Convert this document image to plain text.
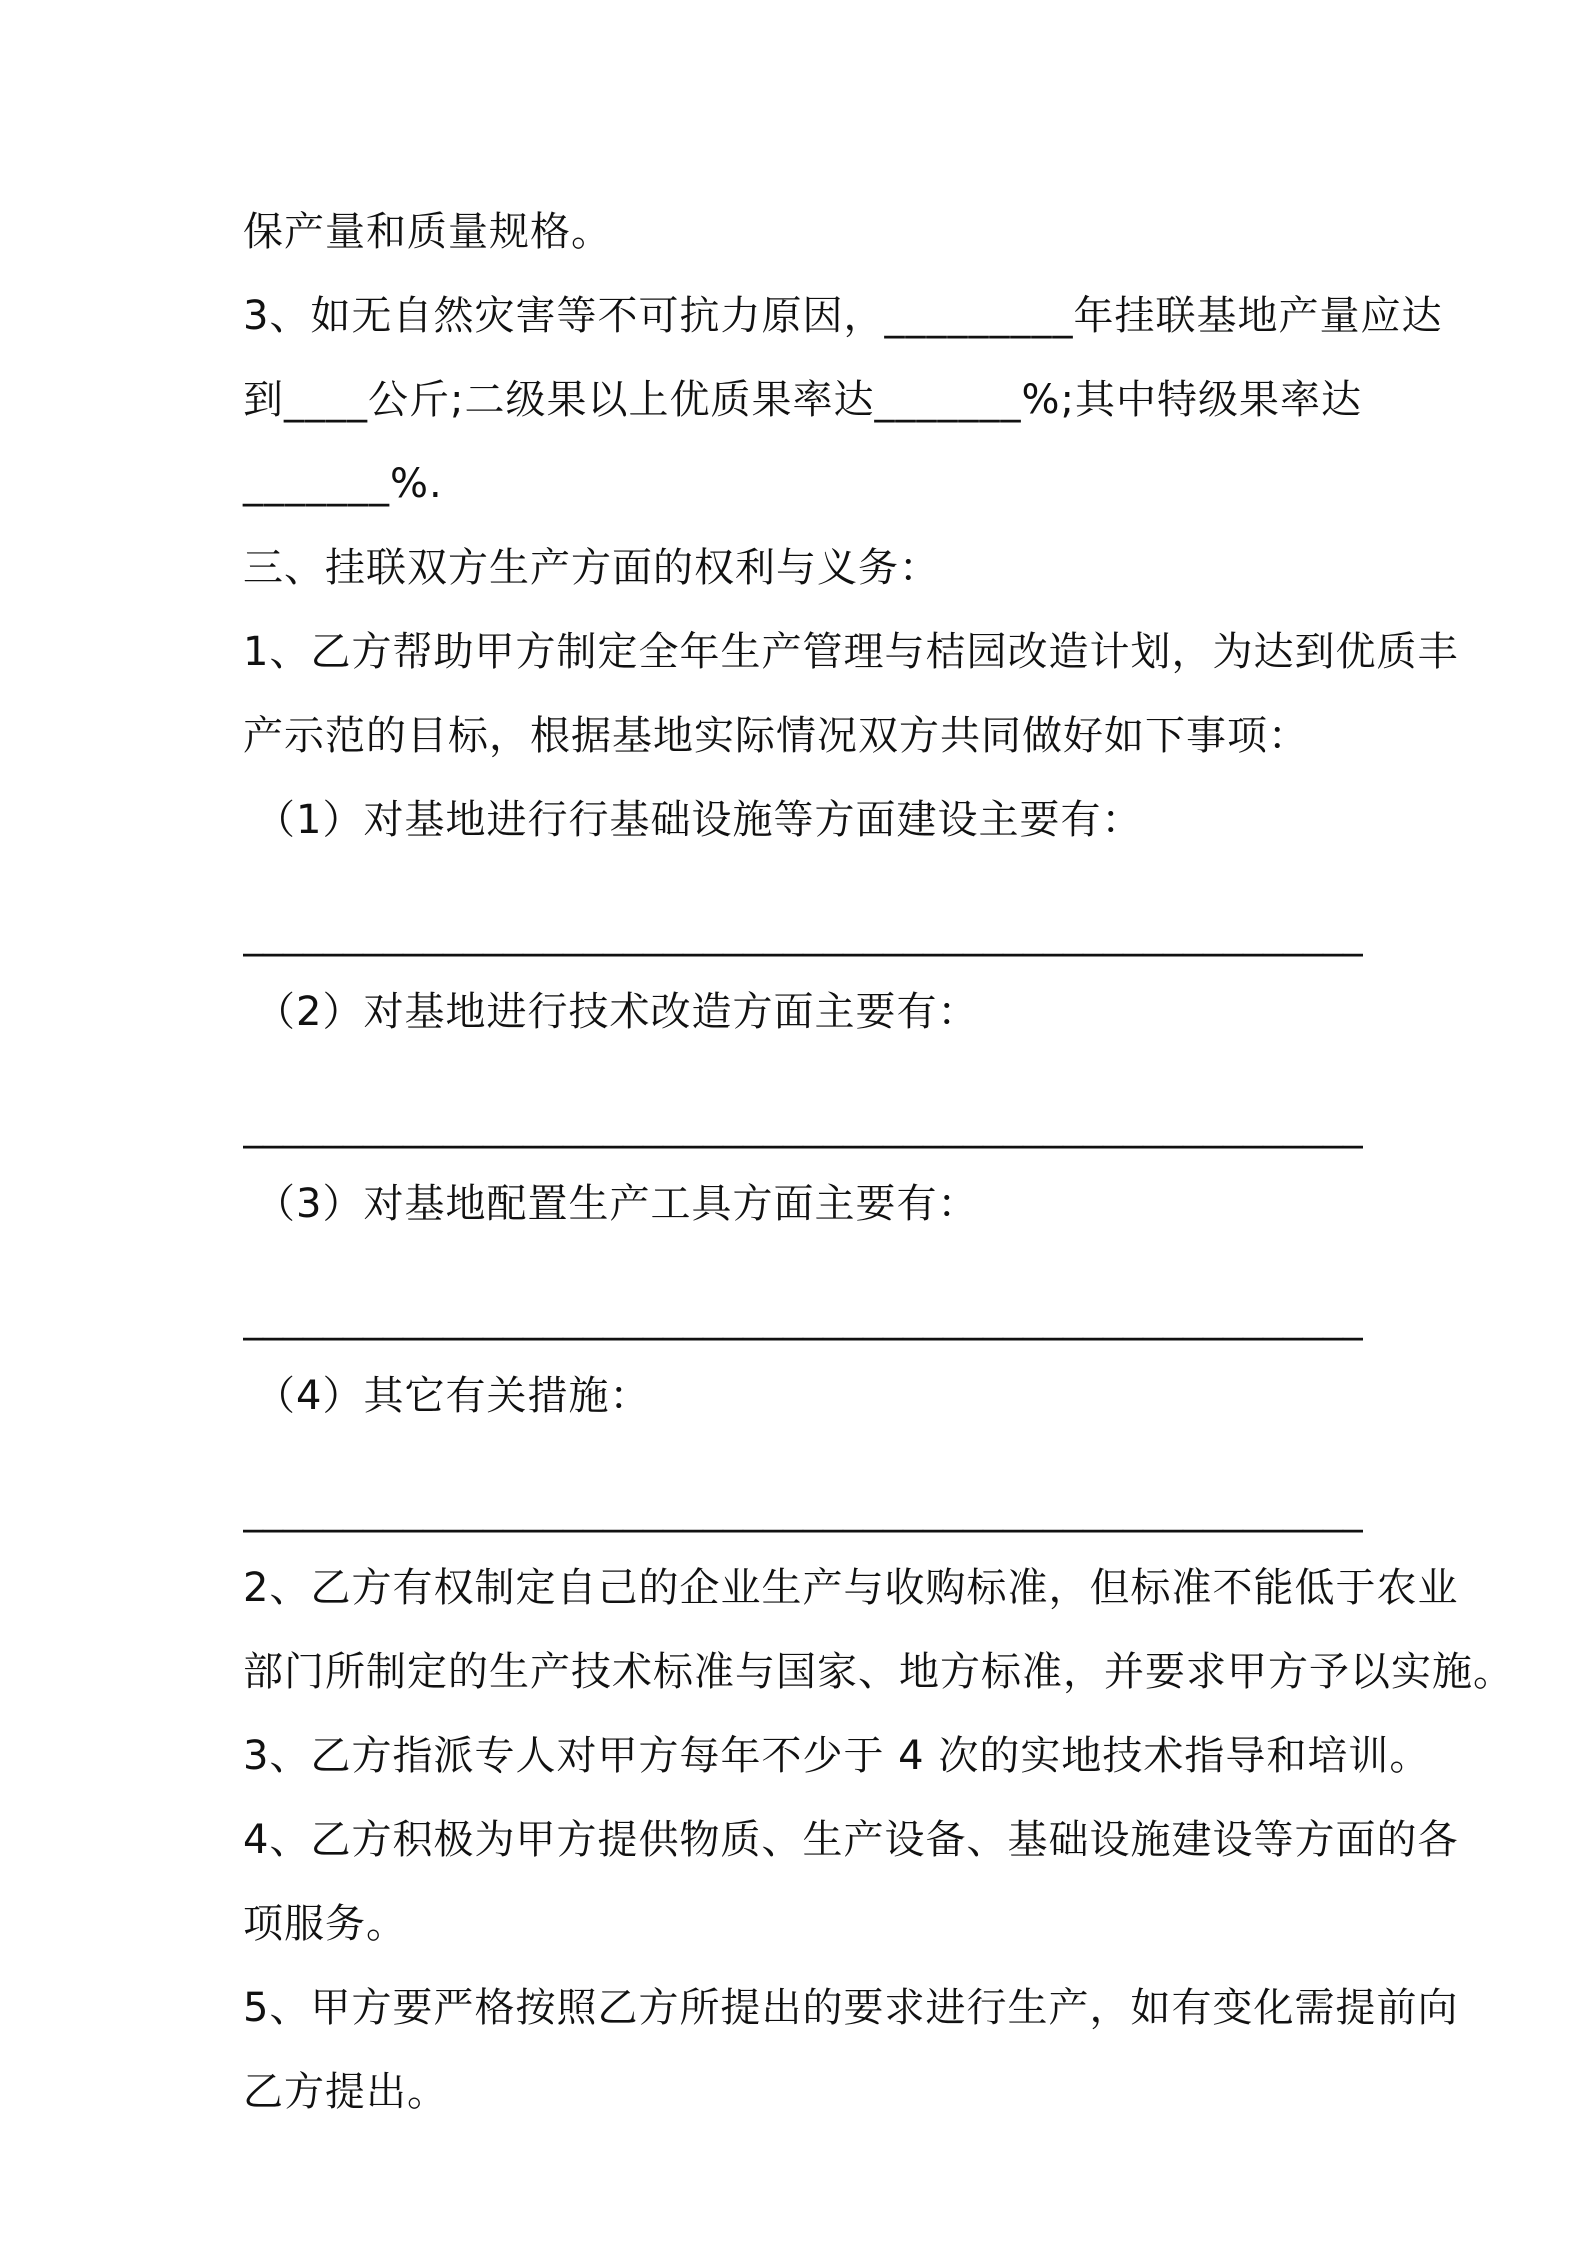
保产量和质量规格。
3、如无自然灾害等不可抗力原因，_________年挂联基地产量应达
到____公斤;二级果以上优质果率达_______%;其中特级果率达
_______%.
三、挂联双方生产方面的权利与义务：
1、乙方帮助甲方制定全年生产管理与桔园改造计划，为达到优质丰
产示范的目标，根据基地实际情况双方共同做好如下事项：
（1）对基地进行行基础设施等方面建设主要有：
________________________________________________________
（2）对基地进行技术改造方面主要有：
________________________________________________________
（3）对基地配置生产工具方面主要有：
________________________________________________________
（4）其它有关措施：
________________________________________________________
2、乙方有权制定自己的企业生产与收购标准，但标准不能低于农业
部门所制定的生产技术标准与国家、地方标准，并要求甲方予以实施。
3、乙方指派专人对甲方每年不少于 4 次的实地技术指导和培训。
4、乙方积极为甲方提供物质、生产设备、基础设施建设等方面的各
项服务。
5、甲方要严格按照乙方所提出的要求进行生产，如有变化需提前向
乙方提出。
